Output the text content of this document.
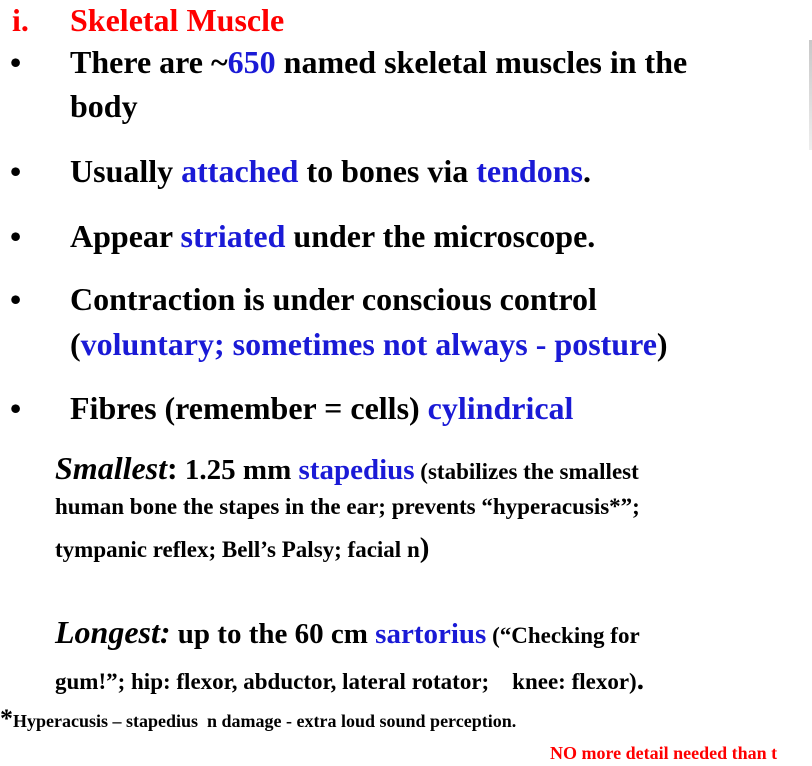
i. Skeletal Muscle
• There are ~650 named skeletal muscles in the
body
• Usually attached to bones via tendons.
• Appear striated under the microscope.
• Contraction is under conscious control
(voluntary; sometimes not always - posture)
• Fibres (remember = cells) cylindrical
Smallest: 1.25 mm stapedius (stabilizes the smallest
human bone the stapes in the ear; prevents “hyperacusis*”;
tympanic reflex; Bell’s Palsy; facial n)
Longest: up to the 60 cm sartorius (“Checking for
gum!”; hip: flexor, abductor, lateral rotator;    knee: flexor).
*Hyperacusis – stapedius  n damage - extra loud sound perception.
NO more detail needed than t
